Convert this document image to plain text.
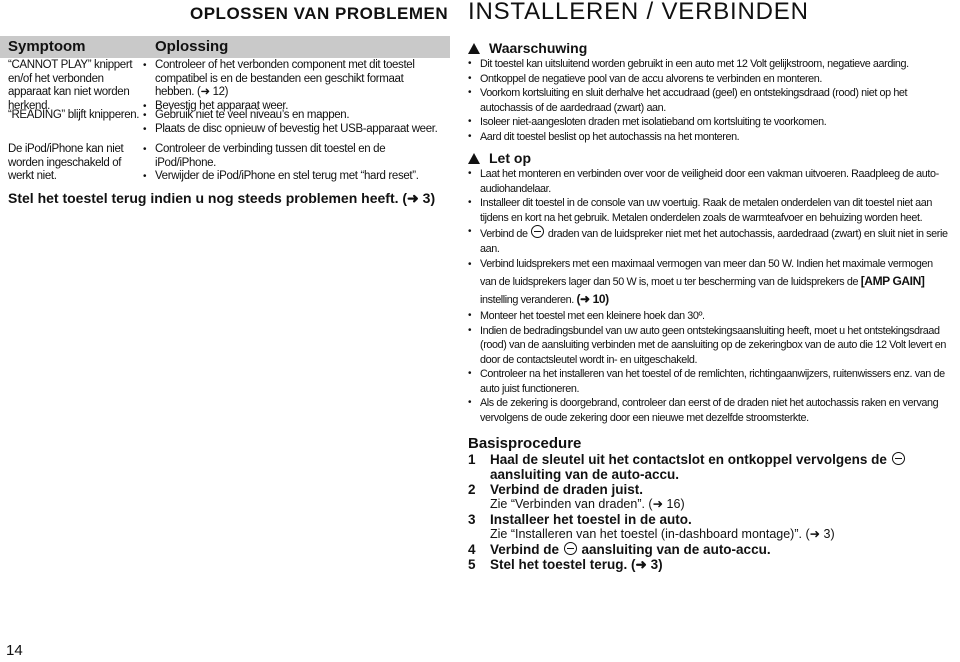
OPLOSSEN VAN PROBLEMEN INSTALLEREN / VERBINDEN
Symptoom	Oplossing
“CANNOT PLAY” knippert en/of het verbonden apparaat kan niet worden herkend.
• Controleer of het verbonden component met dit toestel compatibel is en de bestanden een geschikt formaat hebben. (➜ 12)
• Bevestig het apparaat weer.
“READING” blijft knipperen.
•	Gebruik niet te veel niveau’s en mappen.
• Plaats de disc opnieuw of bevestig het USB-apparaat weer.
De iPod/iPhone kan niet worden ingeschakeld of werkt niet.
• Controleer de verbinding tussen dit toestel en de iPod/iPhone.
• Verwijder de iPod/iPhone en stel terug met “hard reset”.
Stel het toestel terug indien u nog steeds problemen heeft. (➜ 3)
Waarschuwing
• Dit toestel kan uitsluitend worden gebruikt in een auto met 12 Volt gelijkstroom, negatieve aarding.
• Ontkoppel de negatieve pool van de accu alvorens te verbinden en monteren.
• Voorkom kortsluiting en sluit derhalve het accudraad (geel) en ontstekingsdraad (rood) niet op het autochassis of de aardedraad (zwart) aan.
• Isoleer niet-aangesloten draden met isolatieband om kortsluiting te voorkomen.
• Aard dit toestel beslist op het autochassis na het monteren.
Let op
• Laat het monteren en verbinden over voor de veiligheid door een vakman uitvoeren. Raadpleeg de auto-audiohandelaar.
• Installeer dit toestel in de console van uw voertuig. Raak de metalen onderdelen van dit toestel niet aan tijdens en kort na het gebruik. Metalen onderdelen zoals de warmteafvoer en behuizing worden heet.
• Verbind de  draden van de luidspreker niet met het autochassis, aardedraad (zwart) en sluit niet in serie aan.
• Verbind luidsprekers met een maximaal vermogen van meer dan 50 W. Indien het maximale vermogen van de luidsprekers lager dan 50 W is, moet u ter bescherming van de luidsprekers de [AMP GAIN] instelling veranderen. (➜ 10)
• Monteer het toestel met een kleinere hoek dan 30º.
• Indien de bedradingsbundel van uw auto geen ontstekingsaansluiting heeft, moet u het ontstekingsdraad (rood) van de aansluiting verbinden met de aansluiting op de zekeringbox van de auto die 12 Volt levert en door de contactsleutel wordt in- en uitgeschakeld.
• Controleer na het installeren van het toestel of de remlichten, richtingaanwijzers, ruitenwissers enz. van de auto juist functioneren.
• Als de zekering is doorgebrand, controleer dan eerst of de draden niet het autochassis raken en vervang vervolgens de oude zekering door een nieuwe met dezelfde stroomsterkte.
Basisprocedure
1	Haal de sleutel uit het contactslot en ontkoppel vervolgens de  aansluiting van de auto-accu.
2	Verbind de draden juist.
Zie “Verbinden van draden”. (➜ 16)
3	Installeer het toestel in de auto.
Zie “Installeren van het toestel (in-dashboard montage)”. (➜ 3)
4	Verbind de  aansluiting van de auto-accu.
5	Stel het toestel terug. (➜ 3)
14
